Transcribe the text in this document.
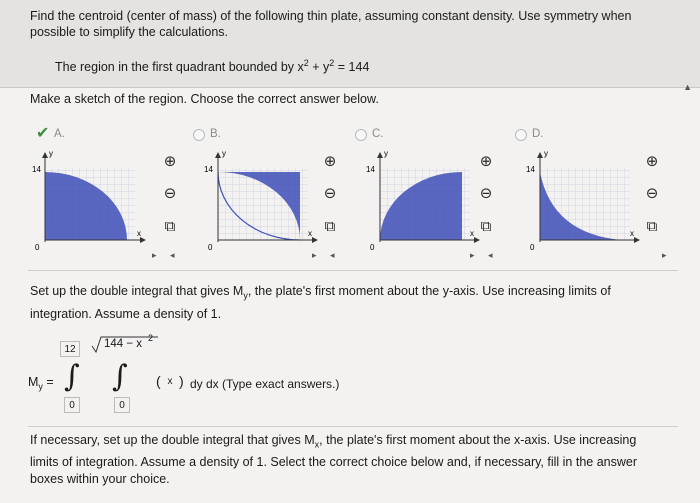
Find the centroid (center of mass) of the following thin plate, assuming constant density. Use symmetry when
possible to simplify the calculations.
The region in the first quadrant bounded by $x^2 + y^2 = 144$
▲
Make a sketch of the region. Choose the correct answer below.
✔ A.
y
14
x
0
⊕
⊖
⧉
▸ ◂
B.
y
14
x
0
⊕
⊖
⧉
▸ ◂
C.
y
14
x
0
⊕
⊖
⧉
▸ ◂
D.
y
14
x
0
⊕
⊖
⧉
▸
Set up the double integral that gives $M_y$, the plate's first moment about the y-axis. Use increasing limits of
integration. Assume a density of 1.
$M_y$ =
12
∫
0
144 − x 2
∫
0
( x ) dy dx (Type exact answers.)
If necessary, set up the double integral that gives $M_x$, the plate's first moment about the x-axis. Use increasing
limits of integration. Assume a density of 1. Select the correct choice below and, if necessary, fill in the answer
boxes within your choice.
